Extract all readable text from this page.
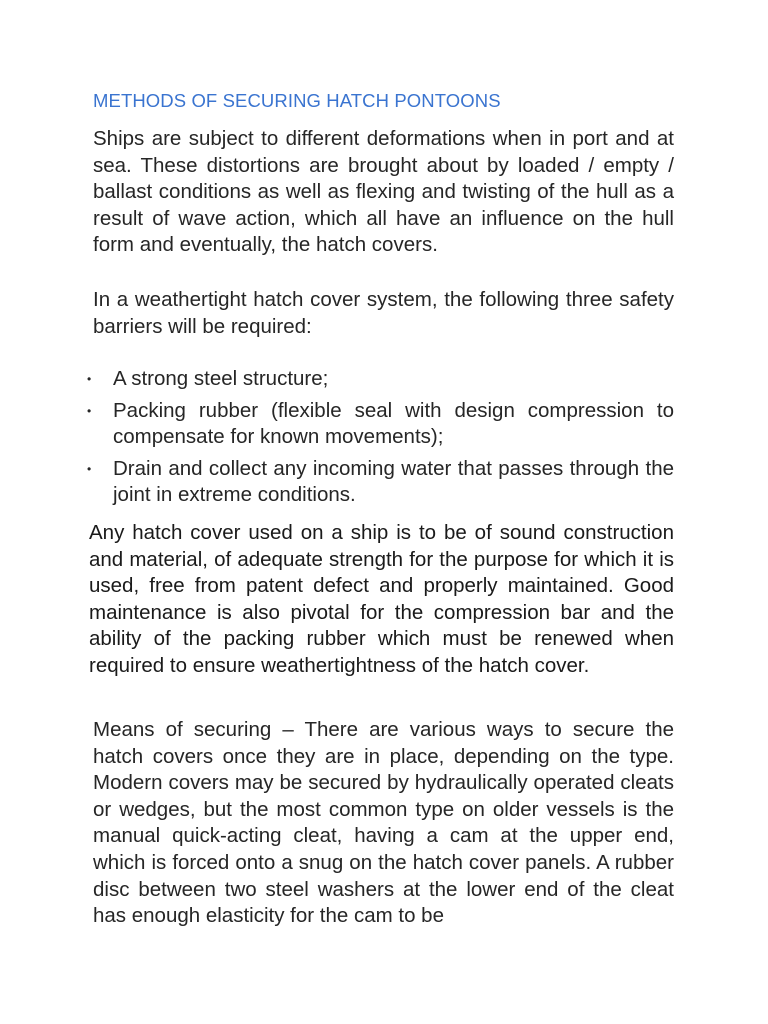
METHODS OF SECURING HATCH PONTOONS

Ships are subject to different deformations when in port and at sea. These distortions are brought about by loaded / empty / ballast conditions as well as flexing and twisting of the hull as a result of wave action, which all have an influence on the hull form and eventually, the hatch covers.

In a weathertight hatch cover system, the following three safety barriers will be required:

• A strong steel structure;
• Packing rubber (flexible seal with design compression to compensate for known movements);
• Drain and collect any incoming water that passes through the joint in extreme conditions.

Any hatch cover used on a ship is to be of sound construction and material, of adequate strength for the purpose for which it is used, free from patent defect and properly maintained. Good maintenance is also pivotal for the compression bar and the ability of the packing rubber which must be renewed when required to ensure weathertightness of the hatch cover.

Means of securing – There are various ways to secure the hatch covers once they are in place, depending on the type. Modern covers may be secured by hydraulically operated cleats or wedges, but the most common type on older vessels is the manual quick-acting cleat, having a cam at the upper end, which is forced onto a snug on the hatch cover panels. A rubber disc between two steel washers at the lower end of the cleat has enough elasticity for the cam to be
